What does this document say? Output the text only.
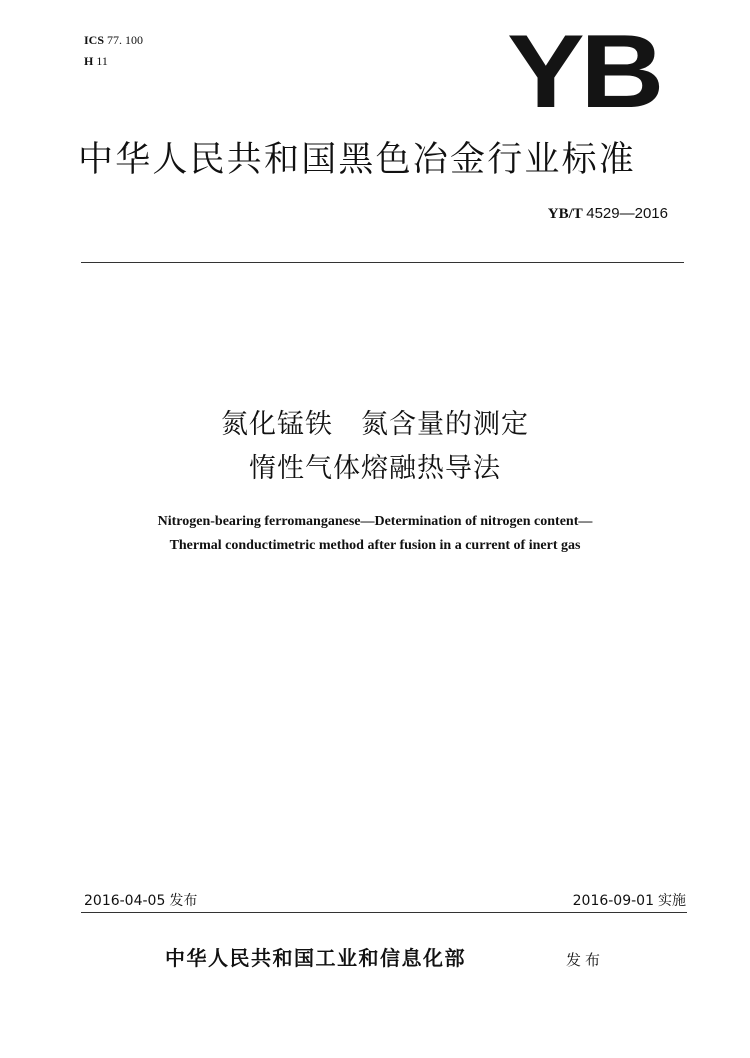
ICS 77. 100
H 11	YB
中华人民共和国黑色冶金行业标准
YB/T 4529—2016
氮化锰铁　氮含量的测定
惰性气体熔融热导法
Nitrogen-bearing ferromanganese—Determination of nitrogen content—
Thermal conductimetric method after fusion in a current of inert gas
2016-04-05 发布	2016-09-01 实施
中华人民共和国工业和信息化部	发布
